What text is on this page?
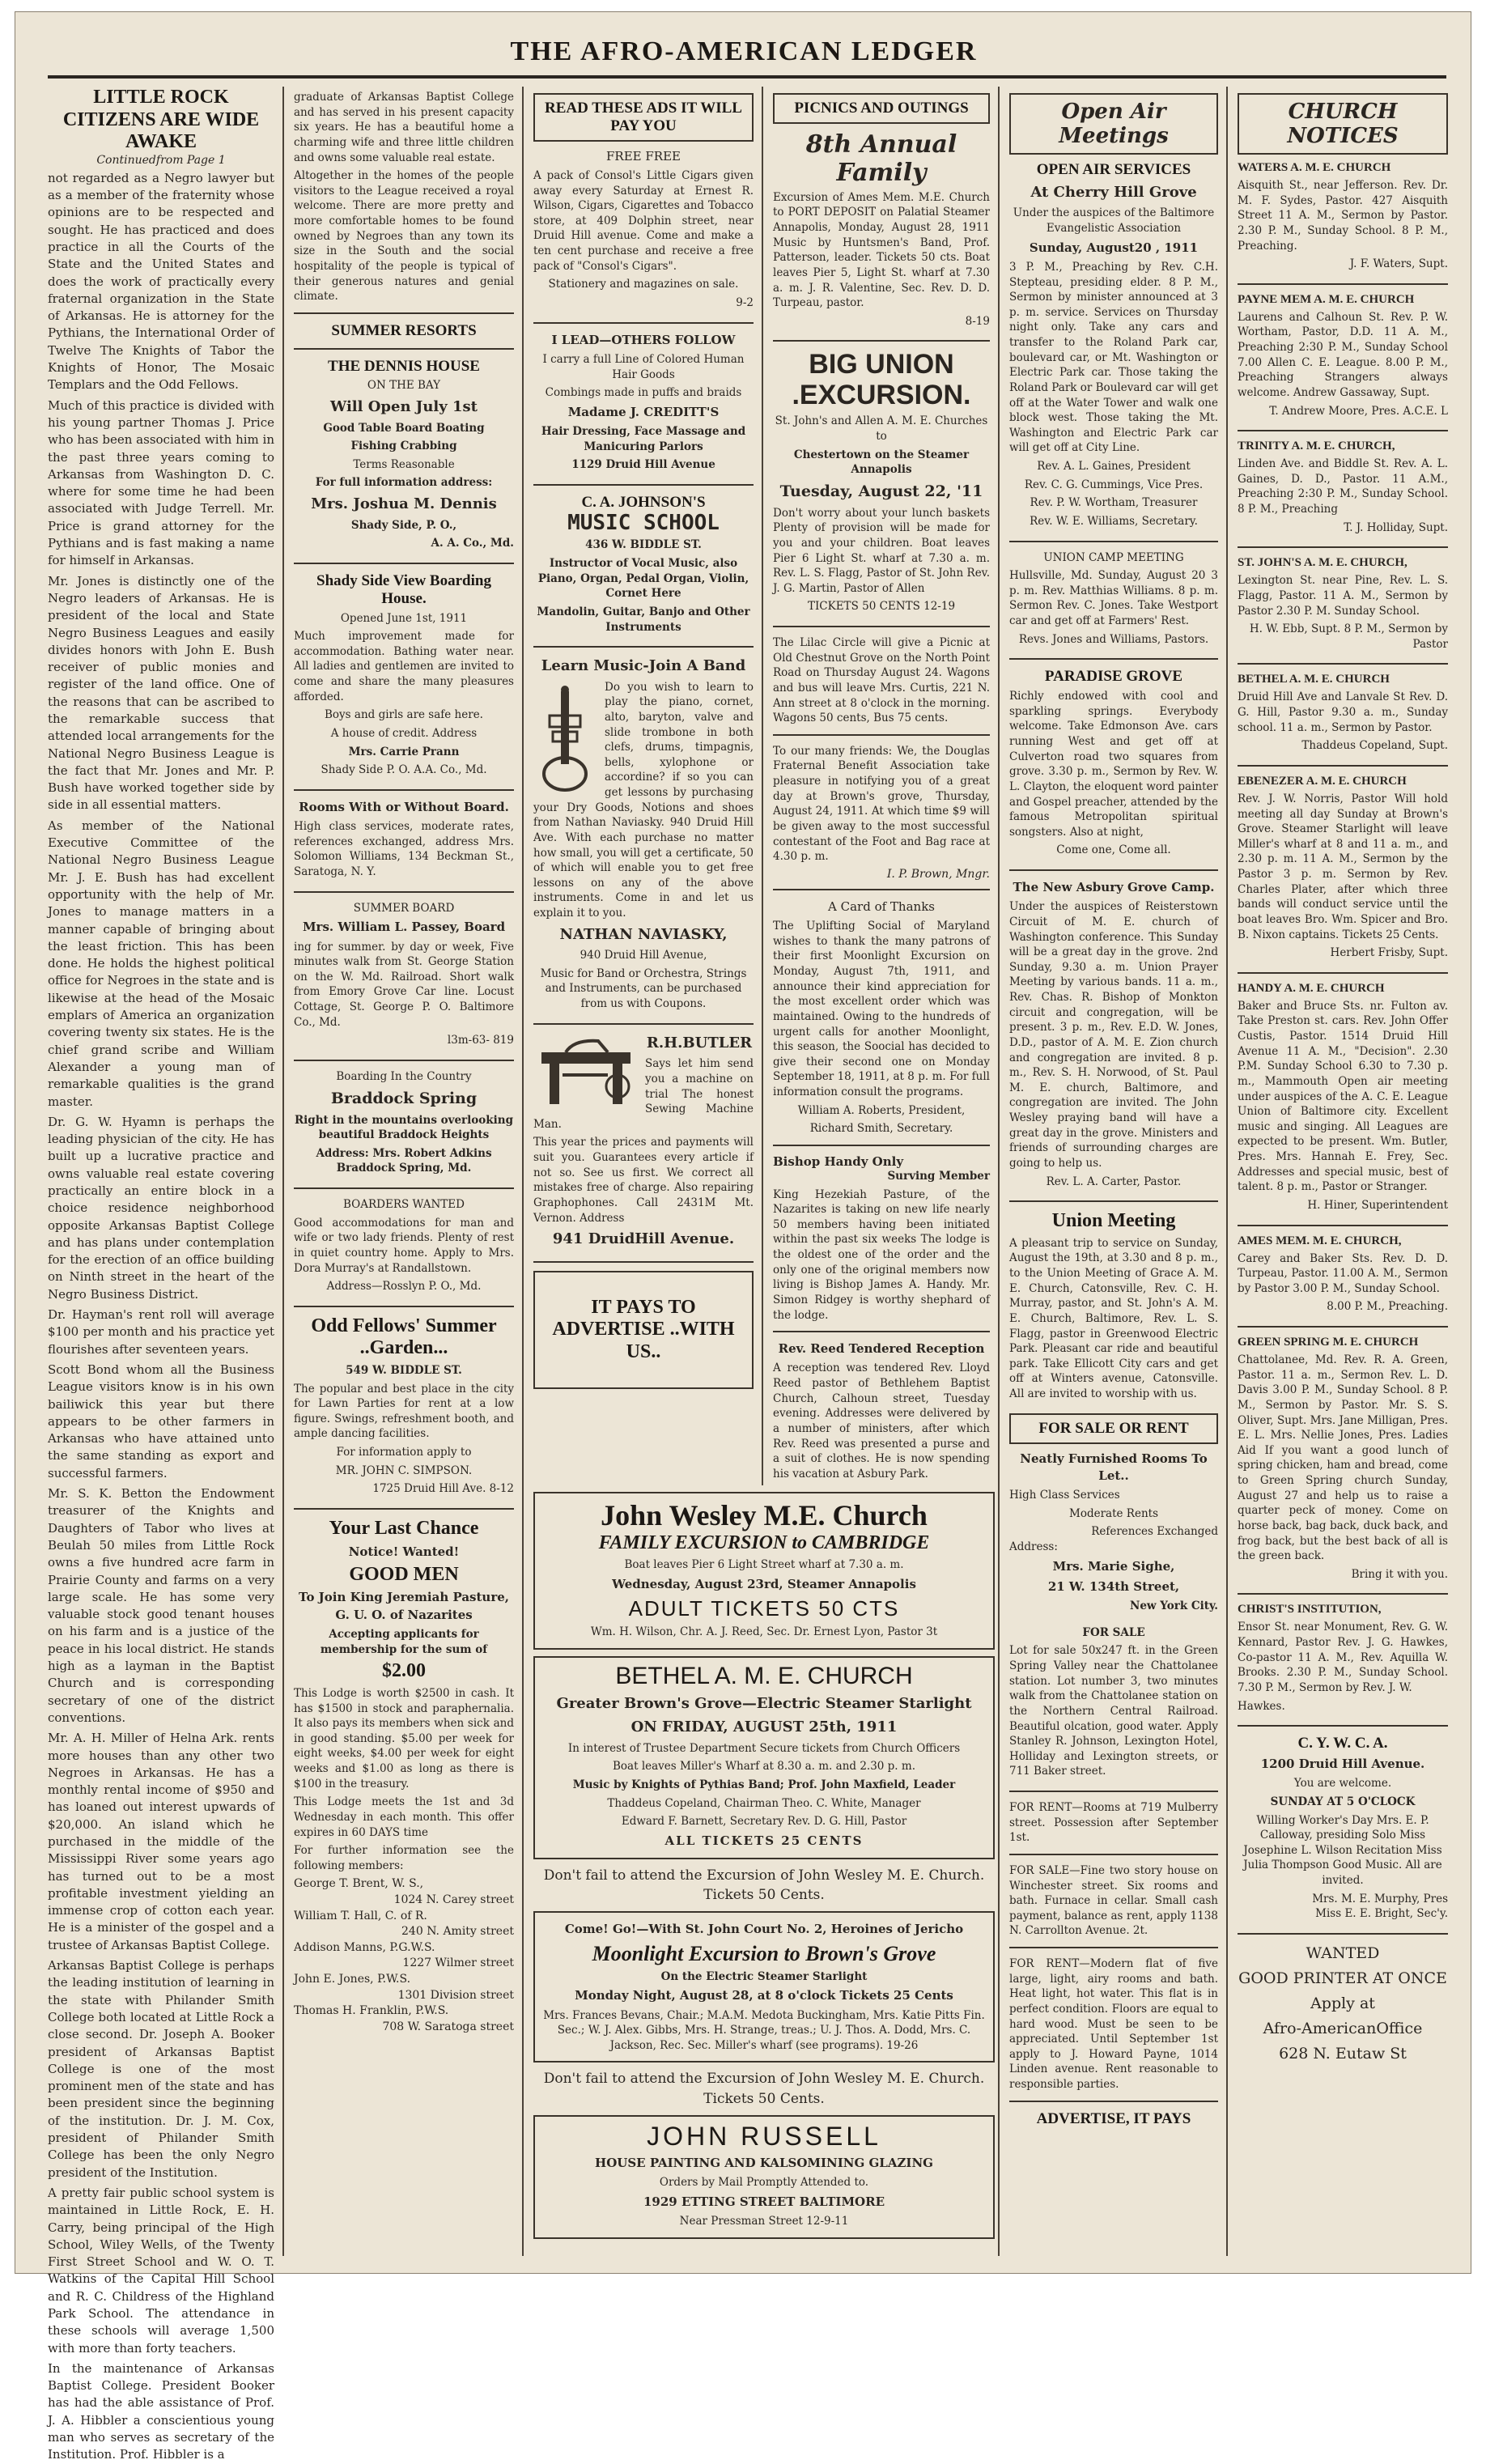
THE AFRO-AMERICAN LEDGER
LITTLE ROCK CITIZENS ARE WIDE AWAKE
Continuedfrom Page 1

not regarded as a Negro lawyer but as a member of the fraternity whose opinions are to be respected and sought. He has practiced and does practice in all the Courts of the State and the United States and does the work of practically every fraternal organization in the State of Arkansas. He is attorney for the Pythians, the International Order of Twelve The Knights of Tabor the Knights of Honor, The Mosaic Templars and the Odd Fellows.

Much of this practice is divided with his young partner Thomas J. Price who has been associated with him in the past three years coming to Arkansas from Washington D. C. where for some time he had been associated with Judge Terrell. Mr. Price is grand attorney for the Pythians and is fast making a name for himself in Arkansas.

Mr. Jones is distinctly one of the Negro leaders of Arkansas. He is president of the local and State Negro Business Leagues and easily divides honors with John E. Bush receiver of public monies and register of the land office. One of the reasons that can be ascribed to the remarkable success that attended local arrangements for the National Negro Business League is the fact that Mr. Jones and Mr. P. Bush have worked together side by side in all essential matters.

As member of the National Executive Committee of the National Negro Business League Mr. J. E. Bush has had excellent opportunity with the help of Mr. Jones to manage matters in a manner capable of bringing about the least friction. This has been done. He holds the highest political office for Negroes in the state and is likewise at the head of the Mosaic emplars of America an organization covering twenty six states. He is the chief grand scribe and William Alexander a young man of remarkable qualities is the grand master.

Dr. G. W. Hyamn is perhaps the leading physician of the city. He has built up a lucrative practice and owns valuable real estate covering practically an entire block in a choice residence neighborhood opposite Arkansas Baptist College and has plans under contemplation for the erection of an office building on Ninth street in the heart of the Negro Business District.

Dr. Hayman's rent roll will average $100 per month and his practice yet flourishes after seventeen years.

Scott Bond whom all the Business League visitors know is in his own bailiwick this year but there appears to be other farmers in Arkansas who have attained unto the same standing as export and successful farmers.

Mr. S. K. Betton the Endowment treasurer of the Knights and Daughters of Tabor who lives at Beulah 50 miles from Little Rock owns a five hundred acre farm in Prairie County and farms on a very large scale. He has some very valuable stock good tenant houses on his farm and is a justice of the peace in his local district. He stands high as a layman in the Baptist Church and is corresponding secretary of one of the district conventions.

Mr. A. H. Miller of Helna Ark. rents more houses than any other two Negroes in Arkansas. He has a monthly rental income of $950 and has loaned out interest upwards of $20,000. An island which he purchased in the middle of the Mississippi River some years ago has turned out to be a most profitable investment yielding an immense crop of cotton each year. He is a minister of the gospel and a trustee of Arkansas Baptist College.

Arkansas Baptist College is perhaps the leading institution of learning in the state with Philander Smith College both located at Little Rock a close second. Dr. Joseph A. Booker president of Arkansas Baptist College is one of the most prominent men of the state and has been president since the beginning of the institution. Dr. J. M. Cox, president of Philander Smith College has been the only Negro president of the Institution.

A pretty fair public school system is maintained in Little Rock, E. H. Carry, being principal of the High School, Wiley Wells, of the Twenty First Street School and W. O. T. Watkins of the Capital Hill School and R. C. Childress of the Highland Park School. The attendance in these schools will average 1,500 with more than forty teachers.

In the maintenance of Arkansas Baptist College. President Booker has had the able assistance of Prof. J. A. Hibbler a conscientious young man who serves as secretary of the Institution. Prof. Hibbler is a

graduate of Arkansas Baptist College and has served in his present capacity six years. He has a beautiful home a charming wife and three little children and owns some valuable real estate.

Altogether in the homes of the people visitors to the League received a royal welcome. There are more pretty and more comfortable homes to be found owned by Negroes than any town its size in the South and the social hospitality of the people is typical of their generous natures and genial climate.

SUMMER RESORTS
THE DENNIS HOUSE
ON THE BAY
Will Open July 1st
Good Table Board Boating
Fishing Crabbing
Terms Reasonable
For full information address:
Mrs. Joshua M. Dennis
Shady Side, P. O.,
A. A. Co., Md.
Shady Side View Boarding House.
Opened June 1st, 1911

Much improvement made for accommodation. Bathing water near. All ladies and gentlemen are invited to come and share the many pleasures afforded.

Boys and girls are safe here.
A house of credit. Address
Mrs. Carrie Prann
Shady Side P. O. A.A. Co., Md.
Rooms With or Without Board.

High class services, moderate rates, references exchanged, address Mrs. Solomon Williams, 134 Beckman St., Saratoga, N. Y.

SUMMER BOARD
Mrs. William L. Passey, Board

ing for summer. by day or week, Five minutes walk from St. George Station on the W. Md. Railroad. Short walk from Emory Grove Car line. Locust Cottage, St. George P. O. Baltimore Co., Md.

l3m-63- 819
Boarding In the Country
Braddock Spring
Right in the mountains overlooking beautiful Braddock Heights
Address: Mrs. Robert Adkins Braddock Spring, Md.
BOARDERS WANTED

Good accommodations for man and wife or two lady friends. Plenty of rest in quiet country home. Apply to Mrs. Dora Murray's at Randallstown.

Address—Rosslyn P. O., Md.
Odd Fellows' Summer ..Garden...
549 W. BIDDLE ST.

The popular and best place in the city for Lawn Parties for rent at a low figure. Swings, refreshment booth, and ample dancing facilities.

For information apply to
MR. JOHN C. SIMPSON.
1725 Druid Hill Ave. 8-12
Your Last Chance
Notice! Wanted!
GOOD MEN
To Join King Jeremiah Pasture, G. U. O. of Nazarites
Accepting applicants for membership for the sum of
$2.00

This Lodge is worth $2500 in cash. It has $1500 in stock and paraphernalia. It also pays its members when sick and in good standing. $5.00 per week for eight weeks, $4.00 per week for eight weeks and $1.00 as long as there is $100 in the treasury.

This Lodge meets the 1st and 3d Wednesday in each month. This offer expires in 60 DAYS time

For further information see the following members:

George T. Brent, W. S.,
1024 N. Carey street
William T. Hall, C. of R.
240 N. Amity street
Addison Manns, P.G.W.S.
1227 Wilmer street
John E. Jones, P.W.S.
1301 Division street
Thomas H. Franklin, P.W.S.
708 W. Saratoga street
READ THESE ADS IT WILL PAY YOU
FREE FREE

A pack of Consol's Little Cigars given away every Saturday at Ernest R. Wilson, Cigars, Cigarettes and Tobacco store, at 409 Dolphin street, near Druid Hill avenue. Come and make a ten cent purchase and receive a free pack of "Consol's Cigars".

Stationery and magazines on sale.
9-2
I LEAD—OTHERS FOLLOW
I carry a full Line of Colored Human Hair Goods
Combings made in puffs and braids
Madame J. CREDITT'S
Hair Dressing, Face Massage and Manicuring Parlors
1129 Druid Hill Avenue
C. A. JOHNSON'S
MUSIC SCHOOL
436 W. BIDDLE ST.
Instructor of Vocal Music, also Piano, Organ, Pedal Organ, Violin, Cornet Here
Mandolin, Guitar, Banjo and Other Instruments
Learn Music-Join A Band

Do you wish to learn to play the piano, cornet, alto, baryton, valve and slide trombone in both clefs, drums, timpagnis, bells, xylophone or accordine? if so you can get lessons by purchasing your Dry Goods, Notions and shoes from Nathan Naviasky. 940 Druid Hill Ave. With each purchase no matter how small, you will get a certificate, 50 of which will enable you to get free lessons on any of the above instruments. Come in and let us explain it to you.

NATHAN NAVIASKY,
940 Druid Hill Avenue,
Music for Band or Orchestra, Strings and Instruments, can be purchased from us with Coupons.
R.H.BUTLER

Says let him send you a machine on trial The honest Sewing Machine Man.

This year the prices and payments will suit you. Guarantees every article if not so. See us first. We correct all mistakes free of charge. Also repairing Graphophones. Call 2431M Mt. Vernon. Address

941 DruidHill Avenue.
IT PAYS TO ADVERTISE ..WITH US..
PICNICS AND OUTINGS
8th Annual Family

Excursion of Ames Mem. M.E. Church to PORT DEPOSIT on Palatial Steamer Annapolis, Monday, August 28, 1911 Music by Huntsmen's Band, Prof. Patterson, leader. Tickets 50 cts. Boat leaves Pier 5, Light St. wharf at 7.30 a. m. J. R. Valentine, Sec. Rev. D. D. Turpeau, pastor.

8-19
BIG UNION .EXCURSION.
St. John's and Allen A. M. E. Churches to
Chestertown on the Steamer Annapolis
Tuesday, August 22, '11

Don't worry about your lunch baskets Plenty of provision will be made for you and your children. Boat leaves Pier 6 Light St. wharf at 7.30 a. m. Rev. L. S. Flagg, Pastor of St. John Rev. J. G. Martin, Pastor of Allen

TICKETS 50 CENTS 12-19

The Lilac Circle will give a Picnic at Old Chestnut Grove on the North Point Road on Thursday August 24. Wagons and bus will leave Mrs. Curtis, 221 N. Ann street at 8 o'clock in the morning. Wagons 50 cents, Bus 75 cents.

To our many friends: We, the Douglas Fraternal Benefit Association take pleasure in notifying you of a great day at Brown's grove, Thursday, August 24, 1911. At which time $9 will be given away to the most successful contestant of the Foot and Bag race at 4.30 p. m.

I. P. Brown, Mngr.
A Card of Thanks

The Uplifting Social of Maryland wishes to thank the many patrons of their first Moonlight Excursion on Monday, August 7th, 1911, and announce their kind appreciation for the most excellent order which was maintained. Owing to the hundreds of urgent calls for another Moonlight, this season, the Soocial has decided to give their second one on Monday September 18, 1911, at 8 p. m. For full information consult the programs.

William A. Roberts, President,
Richard Smith, Secretary.
Bishop Handy Only
Surving Member

King Hezekiah Pasture, of the Nazarites is taking on new life nearly 50 members having been initiated within the past six weeks The lodge is the oldest one of the order and the only one of the original members now living is Bishop James A. Handy. Mr. Simon Ridgey is worthy shephard of the lodge.

Rev. Reed Tendered Reception

A reception was tendered Rev. Lloyd Reed pastor of Bethlehem Baptist Church, Calhoun street, Tuesday evening. Addresses were delivered by a number of ministers, after which Rev. Reed was presented a purse and a suit of clothes. He is now spending his vacation at Asbury Park.

Open Air Meetings
OPEN AIR SERVICES
At Cherry Hill Grove
Under the auspices of the Baltimore Evangelistic Association
Sunday, August20 , 1911

3 P. M., Preaching by Rev. C.H. Stepteau, presiding elder. 8 P. M., Sermon by minister announced at 3 p. m. service. Services on Thursday night only. Take any cars and transfer to the Roland Park car, boulevard car, or Mt. Washington or Electric Park car. Those taking the Roland Park or Boulevard car will get off at the Water Tower and walk one block west. Those taking the Mt. Washington and Electric Park car will get off at City Line.

Rev. A. L. Gaines, President
Rev. C. G. Cummings, Vice Pres.
Rev. P. W. Wortham, Treasurer
Rev. W. E. Williams, Secretary.
UNION CAMP MEETING

Hullsville, Md. Sunday, August 20 3 p. m. Rev. Matthias Williams. 8 p. m. Sermon Rev. C. Jones. Take Westport car and get off at Farmers' Rest.

Revs. Jones and Williams, Pastors.
PARADISE GROVE

Richly endowed with cool and sparkling springs. Everybody welcome. Take Edmonson Ave. cars running West and get off at Culverton road two squares from grove. 3.30 p. m., Sermon by Rev. W. L. Clayton, the eloquent word painter and Gospel preacher, attended by the famous Metropolitan spiritual songsters. Also at night,

Come one, Come all.
The New Asbury Grove Camp.

Under the auspices of Reisterstown Circuit of M. E. church of Washington conference. This Sunday will be a great day in the grove. 2nd Sunday, 9.30 a. m. Union Prayer Meeting by various bands. 11 a. m., Rev. Chas. R. Bishop of Monkton circuit and congregation, will be present. 3 p. m., Rev. E.D. W. Jones, D.D., pastor of A. M. E. Zion church and congregation are invited. 8 p. m., Rev. S. H. Norwood, of St. Paul M. E. church, Baltimore, and congregation are invited. The John Wesley praying band will have a great day in the grove. Ministers and friends of surrounding charges are going to help us.

Rev. L. A. Carter, Pastor.
Union Meeting

A pleasant trip to service on Sunday, August the 19th, at 3.30 and 8 p. m., to the Union Meeting of Grace A. M. E. Church, Catonsville, Rev. C. H. Murray, pastor, and St. John's A. M. E. Church, Baltimore, Rev. L. S. Flagg, pastor in Greenwood Electric Park. Pleasant car ride and beautiful park. Take Ellicott City cars and get off at Winters avenue, Catonsville. All are invited to worship with us.

FOR SALE OR RENT
Neatly Furnished Rooms To Let..
High Class Services
Moderate Rents
References Exchanged
Address:
Mrs. Marie Sighe,
21 W. 134th Street,
New York City.
FOR SALE

Lot for sale 50x247 ft. in the Green Spring Valley near the Chattolanee station. Lot number 3, two minutes walk from the Chattolanee station on the Northern Central Railroad. Beautiful olcation, good water. Apply Stanley R. Johnson, Lexington Hotel, Holliday and Lexington streets, or 711 Baker street.

FOR RENT—Rooms at 719 Mulberry street. Possession after September 1st.

FOR SALE—Fine two story house on Winchester street. Six rooms and bath. Furnace in cellar. Small cash payment, balance as rent, apply 1138 N. Carrollton Avenue. 2t.

FOR RENT—Modern flat of five large, light, airy rooms and bath. Heat light, hot water. This flat is in perfect condition. Floors are equal to hard wood. Must be seen to be appreciated. Until September 1st apply to J. Howard Payne, 1014 Linden avenue. Rent reasonable to responsible parties.

ADVERTISE, IT PAYS
CHURCH NOTICES
WATERS A. M. E. CHURCH

Aisquith St., near Jefferson. Rev. Dr. M. F. Sydes, Pastor. 427 Aisquith Street 11 A. M., Sermon by Pastor. 2.30 P. M., Sunday School. 8 P. M., Preaching.

J. F. Waters, Supt.
PAYNE MEM A. M. E. CHURCH

Laurens and Calhoun St. Rev. P. W. Wortham, Pastor, D.D. 11 A. M., Preaching 2:30 P. M., Sunday School 7.00 Allen C. E. League. 8.00 P. M., Preaching Strangers always welcome. Andrew Gassaway, Supt.

T. Andrew Moore, Pres. A.C.E. L
TRINITY A. M. E. CHURCH,

Linden Ave. and Biddle St. Rev. A. L. Gaines, D. D., Pastor. 11 A.M., Preaching 2:30 P. M., Sunday School. 8 P. M., Preaching

T. J. Holliday, Supt.
ST. JOHN'S A. M. E. CHURCH,

Lexington St. near Pine, Rev. L. S. Flagg, Pastor. 11 A. M., Sermon by Pastor 2.30 P. M. Sunday School.

H. W. Ebb, Supt. 8 P. M., Sermon by Pastor
BETHEL A. M. E. CHURCH

Druid Hill Ave and Lanvale St Rev. D. G. Hill, Pastor 9.30 a. m., Sunday school. 11 a. m., Sermon by Pastor.

Thaddeus Copeland, Supt.
EBENEZER A. M. E. CHURCH

Rev. J. W. Norris, Pastor Will hold meeting all day Sunday at Brown's Grove. Steamer Starlight will leave Miller's wharf at 8 and 11 a. m., and 2.30 p. m. 11 A. M., Sermon by the Pastor 3 p. m. Sermon by Rev. Charles Plater, after which three bands will conduct service until the boat leaves Bro. Wm. Spicer and Bro. B. Nixon captains. Tickets 25 Cents.

Herbert Frisby, Supt.
HANDY A. M. E. CHURCH

Baker and Bruce Sts. nr. Fulton av. Take Preston st. cars. Rev. John Offer Custis, Pastor. 1514 Druid Hill Avenue 11 A. M., "Decision". 2.30 P.M. Sunday School 6.30 to 7.30 p. m., Mammouth Open air meeting under auspices of the A. C. E. League Union of Baltimore city. Excellent music and singing. All Leagues are expected to be present. Wm. Butler, Pres. Mrs. Hannah E. Frey, Sec. Addresses and special music, best of talent. 8 p. m., Pastor or Stranger.

H. Hiner, Superintendent
AMES MEM. M. E. CHURCH,

Carey and Baker Sts. Rev. D. D. Turpeau, Pastor. 11.00 A. M., Sermon by Pastor 3.00 P. M., Sunday School.

8.00 P. M., Preaching.
GREEN SPRING M. E. CHURCH

Chattolanee, Md. Rev. R. A. Green, Pastor. 11 a. m., Sermon Rev. L. D. Davis 3.00 P. M., Sunday School. 8 P. M., Sermon by Pastor. Mr. S. S. Oliver, Supt. Mrs. Jane Milligan, Pres. E. L. Mrs. Nellie Jones, Pres. Ladies Aid If you want a good lunch of spring chicken, ham and bread, come to Green Spring church Sunday, August 27 and help us to raise a quarter peck of money. Come on horse back, bag back, duck back, and frog back, but the best back of all is the green back.

Bring it with you.
CHRIST'S INSTITUTION,

Ensor St. near Monument, Rev. G. W. Kennard, Pastor Rev. J. G. Hawkes, Co-pastor 11 A. M., Rev. Aquilla W. Brooks. 2.30 P. M., Sunday School. 7.30 P. M., Sermon by Rev. J. W.

Hawkes.
C. Y. W. C. A.
1200 Druid Hill Avenue.
You are welcome.
SUNDAY AT 5 O'CLOCK

Willing Worker's Day Mrs. E. P. Calloway, presiding Solo Miss Josephine L. Wilson Recitation Miss Julia Thompson Good Music. All are invited.

Mrs. M. E. Murphy, Pres
Miss E. E. Bright, Sec'y.
WANTED
GOOD PRINTER AT ONCE
Apply at
Afro-AmericanOffice
628 N. Eutaw St
John Wesley M.E. Church
FAMILY EXCURSION to CAMBRIDGE
Boat leaves Pier 6 Light Street wharf at 7.30 a. m.
Wednesday, August 23rd, Steamer Annapolis
ADULT TICKETS 50 CTS
Wm. H. Wilson, Chr. A. J. Reed, Sec. Dr. Ernest Lyon, Pastor 3t
BETHEL A. M. E. CHURCH
Greater Brown's Grove—Electric Steamer Starlight
ON FRIDAY, AUGUST 25th, 1911
In interest of Trustee Department Secure tickets from Church Officers
Boat leaves Miller's Wharf at 8.30 a. m. and 2.30 p. m.
Music by Knights of Pythias Band; Prof. John Maxfield, Leader
Thaddeus Copeland, Chairman Theo. C. White, Manager
Edward F. Barnett, Secretary Rev. D. G. Hill, Pastor
ALL TICKETS 25 CENTS
Don't fail to attend the Excursion of John Wesley M. E. Church. Tickets 50 Cents.
Come! Go!—With St. John Court No. 2, Heroines of Jericho
Moonlight Excursion to Brown's Grove
On the Electric Steamer Starlight
Monday Night, August 28, at 8 o'clock Tickets 25 Cents
Mrs. Frances Bevans, Chair.; M.A.M. Medota Buckingham, Mrs. Katie Pitts Fin. Sec.; W. J. Alex. Gibbs, Mrs. H. Strange, treas.; U. J. Thos. A. Dodd, Mrs. C. Jackson, Rec. Sec. Miller's wharf (see programs). 19-26
Don't fail to attend the Excursion of John Wesley M. E. Church. Tickets 50 Cents.
JOHN RUSSELL
HOUSE PAINTING AND KALSOMINING GLAZING
Orders by Mail Promptly Attended to.
1929 ETTING STREET BALTIMORE
Near Pressman Street 12-9-11
